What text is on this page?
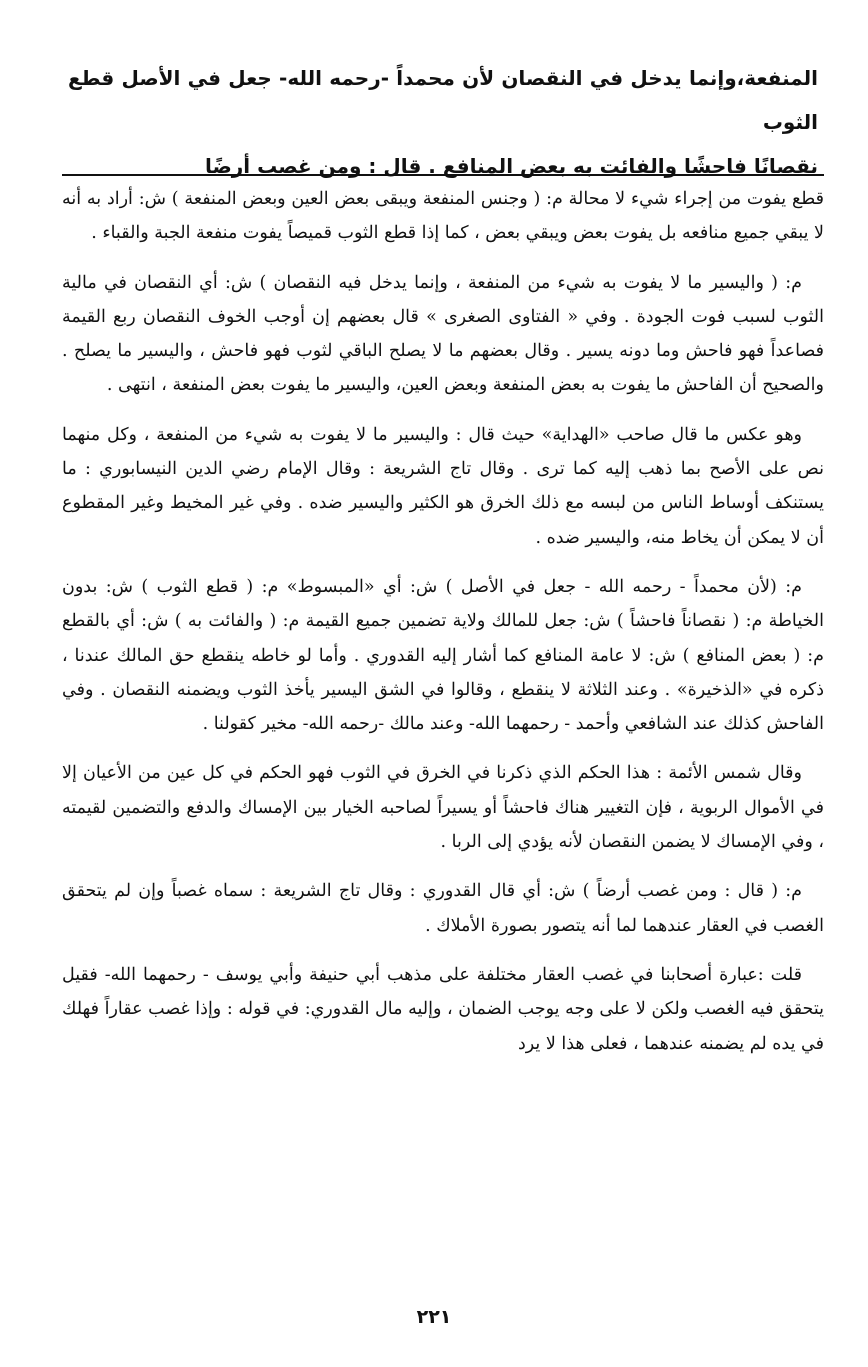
المنفعة،وإنما يدخل في النقصان لأن محمداً -رحمه الله- جعل في الأصل قطع الثوب

نقصانًا فاحشًا والفائت به بعض المنافع . قال : ومن غصب أرضًا

قطع يفوت من إجراء شيء لا محالة م: ( وجنس المنفعة ويبقى بعض العين وبعض المنفعة ) ش: أراد به أنه لا يبقي جميع منافعه بل يفوت بعض ويبقي بعض ، كما إذا قطع الثوب قميصاً يفوت منفعة الجبة والقباء .

م: ( واليسير ما لا يفوت به شيء من المنفعة ، وإنما يدخل فيه النقصان ) ش: أي النقصان في مالية الثوب لسبب فوت الجودة . وفي « الفتاوى الصغرى » قال بعضهم إن أوجب الخوف النقصان ربع القيمة فصاعداً فهو فاحش وما دونه يسير . وقال بعضهم ما لا يصلح الباقي لثوب فهو فاحش ، واليسير ما يصلح . والصحيح أن الفاحش ما يفوت به بعض المنفعة وبعض العين، واليسير ما يفوت بعض المنفعة ، انتهى .

وهو عكس ما قال صاحب «الهداية» حيث قال : واليسير ما لا يفوت به شيء من المنفعة ، وكل منهما نص على الأصح بما ذهب إليه كما ترى . وقال تاج الشريعة : وقال الإمام رضي الدين النيسابوري : ما يستنكف أوساط الناس من لبسه مع ذلك الخرق هو الكثير واليسير ضده . وفي غير المخيط وغير المقطوع أن لا يمكن أن يخاط منه، واليسير ضده .

م: (لأن محمداً - رحمه الله - جعل في الأصل ) ش: أي «المبسوط» م: ( قطع الثوب ) ش: بدون الخياطة م: ( نقصاناً فاحشاً ) ش: جعل للمالك ولاية تضمين جميع القيمة م: ( والفائت به ) ش: أي بالقطع م: ( بعض المنافع ) ش: لا عامة المنافع كما أشار إليه القدوري . وأما لو خاطه ينقطع حق المالك عندنا ، ذكره في «الذخيرة» . وعند الثلاثة لا ينقطع ، وقالوا في الشق اليسير يأخذ الثوب ويضمنه النقصان . وفي الفاحش كذلك عند الشافعي وأحمد - رحمهما الله- وعند مالك -رحمه الله- مخير كقولنا .

وقال شمس الأئمة : هذا الحكم الذي ذكرنا في الخرق في الثوب فهو الحكم في كل عين من الأعيان إلا في الأموال الربوية ، فإن التغيير هناك فاحشاً أو يسيراً لصاحبه الخيار بين الإمساك والدفع والتضمين لقيمته ، وفي الإمساك لا يضمن النقصان لأنه يؤدي إلى الربا .

م: ( قال : ومن غصب أرضاً ) ش: أي قال القدوري : وقال تاج الشريعة : سماه غصباً وإن لم يتحقق الغصب في العقار عندهما لما أنه يتصور بصورة الأملاك .

قلت :عبارة أصحابنا في غصب العقار مختلفة على مذهب أبي حنيفة وأبي يوسف - رحمهما الله- فقيل يتحقق فيه الغصب ولكن لا على وجه يوجب الضمان ، وإليه مال القدوري: في قوله : وإذا غصب عقاراً فهلك في يده لم يضمنه عندهما ، فعلى هذا لا يرد

٢٢١
